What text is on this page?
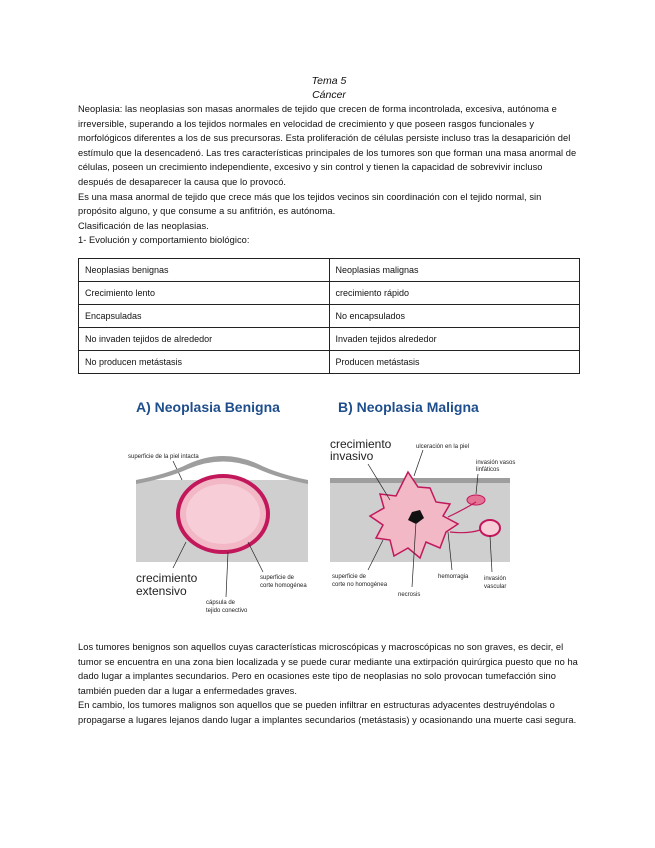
Tema 5
Cáncer

Neoplasia: las neoplasias son masas anormales de tejido que crecen de forma incontrolada, excesiva, autónoma e irreversible, superando a los tejidos normales en velocidad de crecimiento y que poseen rasgos funcionales y morfológicos diferentes a los de sus precursoras. Esta proliferación de células persiste incluso tras la desaparición del estímulo que la desencadenó. Las tres características principales de los tumores son que forman una masa anormal de células, poseen un crecimiento independiente, excesivo y sin control y tienen la capacidad de sobrevivir incluso después de desaparecer la causa que lo provocó.

Es una masa anormal de tejido que crece más que los tejidos vecinos sin coordinación con el tejido normal, sin propósito alguno, y que consume a su anfitrión, es autónoma.

Clasificación de las neoplasias.

1- Evolución y comportamiento biológico:

Neoplasias benignas	Neoplasias malignas
Crecimiento lento	crecimiento rápido
Encapsuladas	No encapsulados
No invaden tejidos de alrededor	Invaden tejidos alrededor
No producen metástasis	Producen metástasis
A) Neoplasia Benigna
superficie de la piel intacta
crecimiento
extensivo
cápsula de
tejido conectivo
superficie de
corte homogénea
B) Neoplasia Maligna
crecimiento
invasivo
ulceración en la piel
invasión vasos
linfáticos
superficie de
corte no homogénea
necrosis
hemorragia	invasión
vascular

Los tumores benignos son aquellos cuyas características microscópicas y macroscópicas no son graves, es decir, el tumor se encuentra en una zona bien localizada y se puede curar mediante una extirpación quirúrgica puesto que no ha dado lugar a implantes secundarios. Pero en ocasiones este tipo de neoplasias no solo provocan tumefacción sino también pueden dar a lugar a enfermedades graves.

En cambio, los tumores malignos son aquellos que se pueden infiltrar en estructuras adyacentes destruyéndolas o propagarse a lugares lejanos dando lugar a implantes secundarios (metástasis) y ocasionando una muerte casi segura.
